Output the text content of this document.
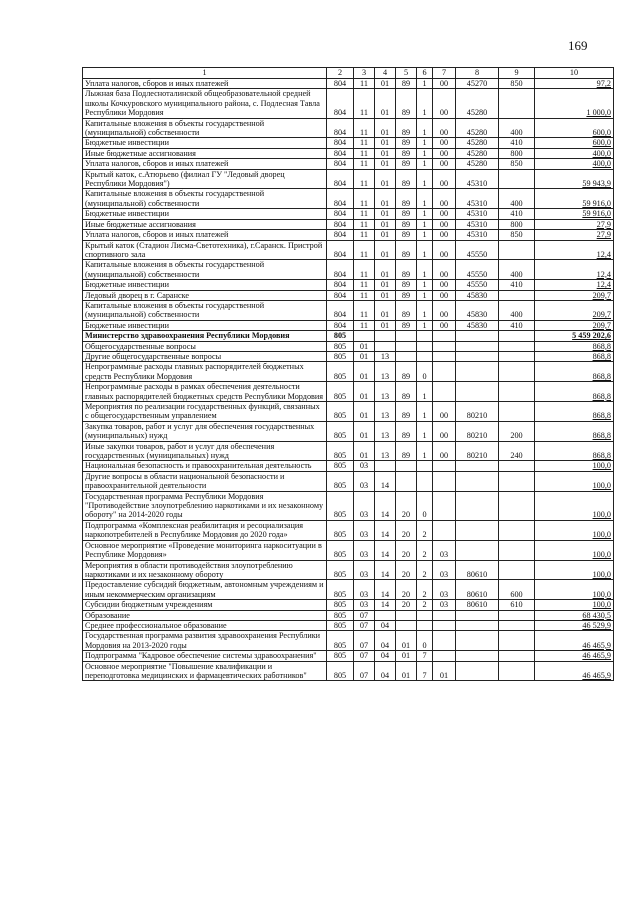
169
1	2	3	4	5	6	7	8	9	10
Уплата налогов, сборов и иных платежей	804	11	01	89	1	00	45270	850	97,2
Лыжная база Подлесноталинской общеобразовательной средней школы Кочкуровского муниципального района, с. Подлесная Тавла Республики Мордовия	804	11	01	89	1	00	45280		1 000,0
Капитальные вложения в объекты государственной (муниципальной) собственности	804	11	01	89	1	00	45280	400	600,0
Бюджетные инвестиции	804	11	01	89	1	00	45280	410	600,0
Иные бюджетные ассигнования	804	11	01	89	1	00	45280	800	400,0
Уплата налогов, сборов и иных платежей	804	11	01	89	1	00	45280	850	400,0
Крытый каток, с.Атюрьево (филиал ГУ "Ледовый дворец Республики Мордовия")	804	11	01	89	1	00	45310		59 943,9
Капитальные вложения в объекты государственной (муниципальной) собственности	804	11	01	89	1	00	45310	400	59 916,0
Бюджетные инвестиции	804	11	01	89	1	00	45310	410	59 916,0
Иные бюджетные ассигнования	804	11	01	89	1	00	45310	800	27,9
Уплата налогов, сборов и иных платежей	804	11	01	89	1	00	45310	850	27,9
Крытый каток (Стадион Лисма-Светотехника), г.Саранск. Пристрой спортивного зала	804	11	01	89	1	00	45550		12,4
Капитальные вложения в объекты государственной (муниципальной) собственности	804	11	01	89	1	00	45550	400	12,4
Бюджетные инвестиции	804	11	01	89	1	00	45550	410	12,4
Ледовый дворец в г. Саранске	804	11	01	89	1	00	45830		209,7
Капитальные вложения в объекты государственной (муниципальной) собственности	804	11	01	89	1	00	45830	400	209,7
Бюджетные инвестиции	804	11	01	89	1	00	45830	410	209,7
Министерство здравоохранения Республики Мордовия	805								5 459 202,6
Общегосударственные вопросы	805	01							868,8
Другие общегосударственные вопросы	805	01	13						868,8
Непрограммные расходы главных распорядителей бюджетных средств Республики Мордовия	805	01	13	89	0				868,8
Непрограммные расходы в рамках обеспечения деятельности главных распорядителей бюджетных средств Республики Мордовия	805	01	13	89	1				868,8
Мероприятия по реализации государственных функций, связанных с общегосударственным управлением	805	01	13	89	1	00	80210		868,8
Закупка товаров, работ и услуг для обеспечения государственных (муниципальных) нужд	805	01	13	89	1	00	80210	200	868,8
Иные закупки товаров, работ и услуг для обеспечения государственных (муниципальных) нужд	805	01	13	89	1	00	80210	240	868,8
Национальная безопасность и правоохранительная деятельность	805	03							100,0
Другие вопросы в области национальной безопасности и правоохранительной деятельности	805	03	14						100,0
Государственная программа Республики Мордовия "Противодействие злоупотреблению наркотиками и их незаконному обороту" на 2014-2020 годы	805	03	14	20	0				100,0
Подпрограмма «Комплексная реабилитация и ресоциализация наркопотребителей в Республике Мордовия до 2020 года»	805	03	14	20	2				100,0
Основное мероприятие «Проведение мониторинга наркоситуации в Республике Мордовия»	805	03	14	20	2	03			100,0
Мероприятия в области противодействия злоупотреблению наркотиками и их незаконному обороту	805	03	14	20	2	03	80610		100,0
Предоставление субсидий бюджетным, автономным учреждениям и иным некоммерческим организациям	805	03	14	20	2	03	80610	600	100,0
Субсидии бюджетным учреждениям	805	03	14	20	2	03	80610	610	100,0
Образование	805	07							68 430,5
Среднее профессиональное образование	805	07	04						46 529,9
Государственная программа развития здравоохранения Республики Мордовия на 2013-2020 годы	805	07	04	01	0				46 465,9
Подпрограмма "Кадровое обеспечение системы здравоохранения"	805	07	04	01	7				46 465,9
Основное мероприятие "Повышение квалификации и переподготовка медицинских и фармацевтических работников"	805	07	04	01	7	01			46 465,9
